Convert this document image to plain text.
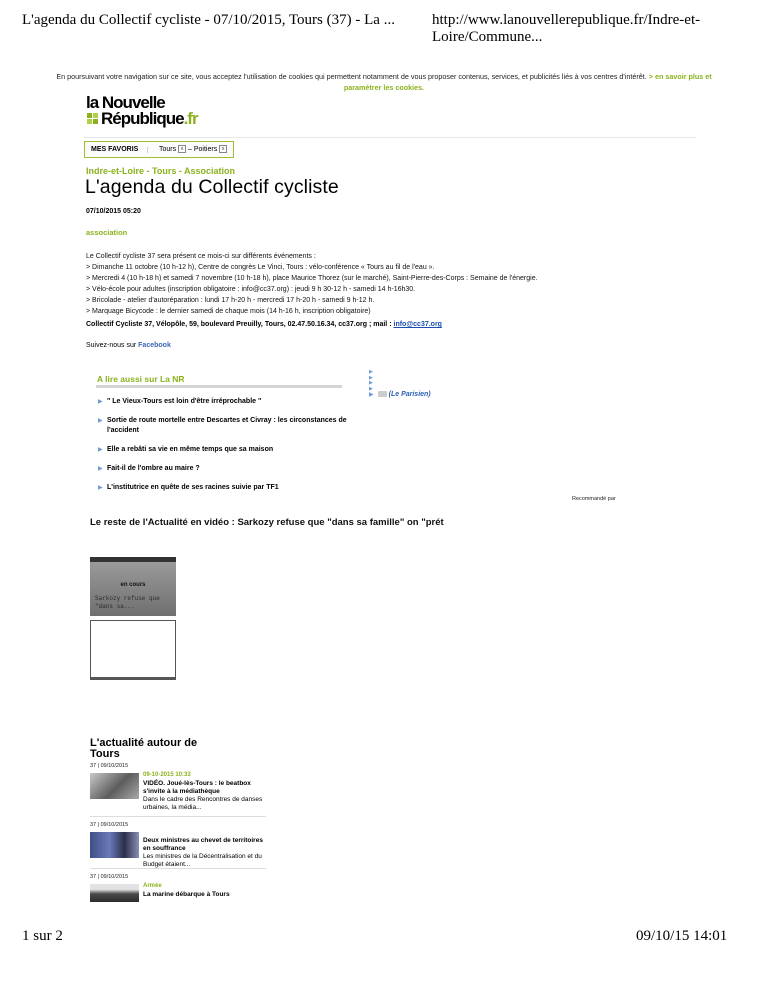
L'agenda du Collectif cycliste - 07/10/2015, Tours (37) - La ... http://www.lanouvellerepublique.fr/Indre-et-Loire/Commune...
En poursuivant votre navigation sur ce site, vous acceptez l'utilisation de cookies qui permettent notamment de vous proposer contenus, services, et publicités liés à vos centres d'intérêt. > en savoir plus et paramétrer les cookies.
la Nouvelle
République.fr
MES FAVORIS	Tours x – Poitiers x
Indre-et-Loire - Tours - Association
L'agenda du Collectif cycliste
07/10/2015 05:20
association
Le Collectif cycliste 37 sera présent ce mois-ci sur différents événements :
> Dimanche 11 octobre (10 h-12 h), Centre de congrès Le Vinci, Tours : vélo-conférence « Tours au fil de l'eau ».
> Mercredi 4 (10 h-18 h) et samedi 7 novembre (10 h-18 h), place Maurice Thorez (sur le marché), Saint-Pierre-des-Corps : Semaine de l'énergie.
> Vélo-école pour adultes (inscription obligatoire : info@cc37.org) : jeudi 9 h 30-12 h - samedi 14 h-16h30.
> Bricolade - atelier d'autoréparation : lundi 17 h-20 h - mercredi 17 h-20 h - samedi 9 h-12 h.
> Marquage Bicycode : le dernier samedi de chaque mois (14 h-16 h, inscription obligatoire)
Collectif Cycliste 37, Vélopôle, 59, boulevard Preuilly, Tours, 02.47.50.16.34, cc37.org ; mail : info@cc37.org
Suivez-nous sur Facebook
A lire aussi sur La NR
▶ " Le Vieux-Tours est loin d'être irréprochable "
▶ Sortie de route mortelle entre Descartes et Civray : les circonstances de l'accident
▶ Elle a rebâti sa vie en même temps que sa maison
▶ Fait-il de l'ombre au maire ?
▶ L'institutrice en quête de ses racines suivie par TF1
▶
▶
▶
▶
▶ (Le Parisien)
Recommandé par
Le reste de l'Actualité en vidéo : Sarkozy refuse que "dans sa famille" on "prét
en cours
Sarkozy refuse que "dans sa...
L'actualité autour de Tours
37 | 09/10/2015
09-10-2015 10:33
VIDÉO. Joué-lès-Tours : le beatbox s'invite à la médiathèque
Dans le cadre des Rencontres de danses urbaines, la média...
37 | 09/10/2015
Deux ministres au chevet de territoires en souffrance
Les ministres de la Décentralisation et du Budget étaient...
37 | 09/10/2015
Armée
La marine débarque à Tours
1 sur 2	09/10/15 14:01
